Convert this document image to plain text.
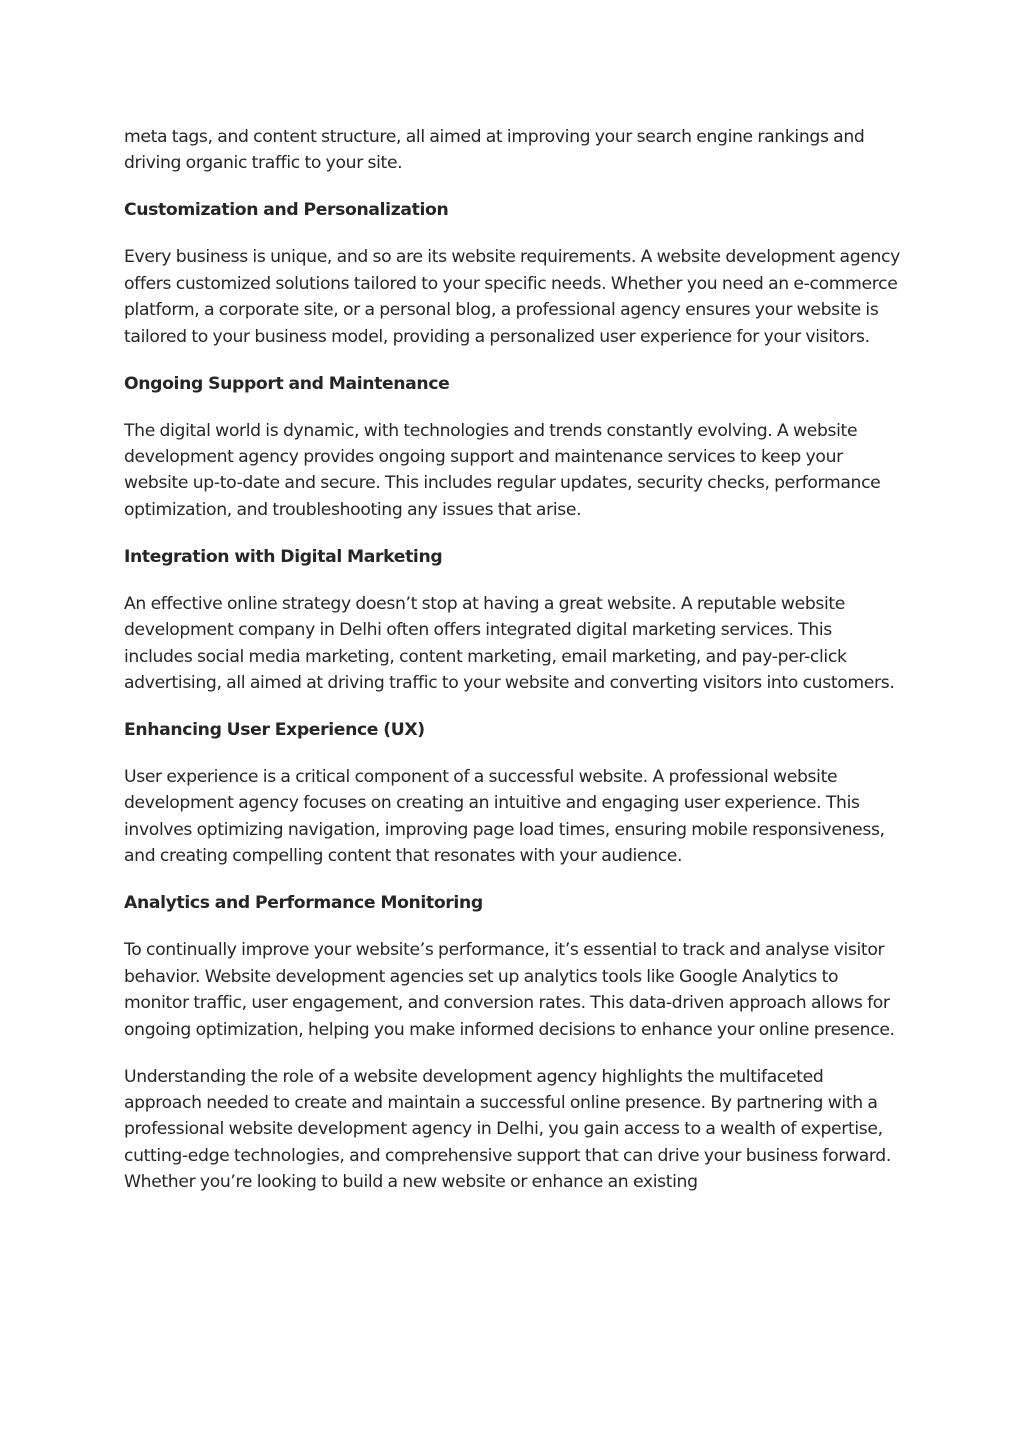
meta tags, and content structure, all aimed at improving your search engine rankings and driving organic traffic to your site.

Customization and Personalization

Every business is unique, and so are its website requirements. A website development agency offers customized solutions tailored to your specific needs. Whether you need an e-commerce platform, a corporate site, or a personal blog, a professional agency ensures your website is tailored to your business model, providing a personalized user experience for your visitors.

Ongoing Support and Maintenance

The digital world is dynamic, with technologies and trends constantly evolving. A website development agency provides ongoing support and maintenance services to keep your website up-to-date and secure. This includes regular updates, security checks, performance optimization, and troubleshooting any issues that arise.

Integration with Digital Marketing

An effective online strategy doesn’t stop at having a great website. A reputable website development company in Delhi often offers integrated digital marketing services. This includes social media marketing, content marketing, email marketing, and pay-per-click advertising, all aimed at driving traffic to your website and converting visitors into customers.

Enhancing User Experience (UX)

User experience is a critical component of a successful website. A professional website development agency focuses on creating an intuitive and engaging user experience. This involves optimizing navigation, improving page load times, ensuring mobile responsiveness, and creating compelling content that resonates with your audience.

Analytics and Performance Monitoring

To continually improve your website’s performance, it’s essential to track and analyse visitor behavior. Website development agencies set up analytics tools like Google Analytics to monitor traffic, user engagement, and conversion rates. This data-driven approach allows for ongoing optimization, helping you make informed decisions to enhance your online presence.

Understanding the role of a website development agency highlights the multifaceted approach needed to create and maintain a successful online presence. By partnering with a professional website development agency in Delhi, you gain access to a wealth of expertise, cutting-edge technologies, and comprehensive support that can drive your business forward. Whether you’re looking to build a new website or enhance an existing
